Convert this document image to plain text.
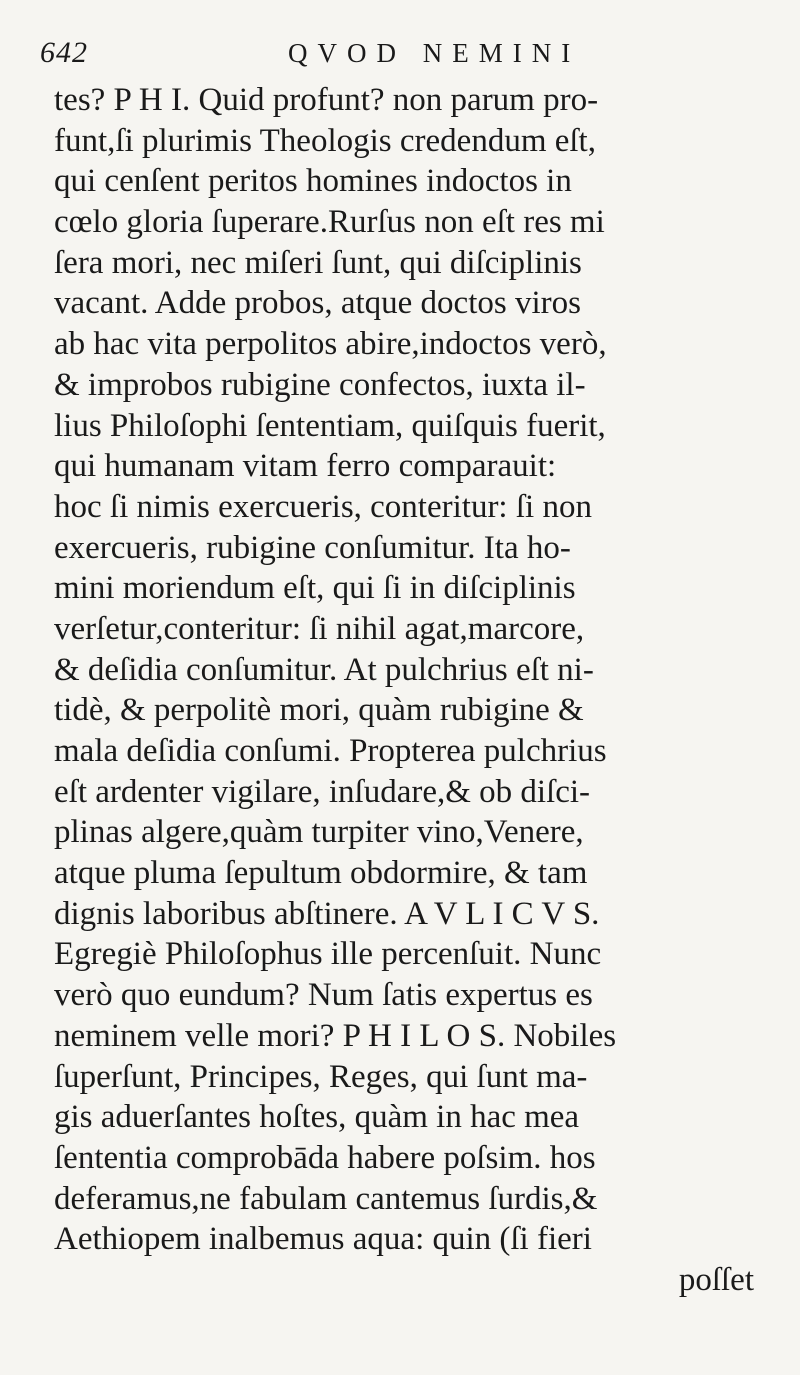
642	QVOD NEMINI
tes? P H I. Quid profunt? non parum pro-
funt,ſi plurimis Theologis credendum eſt,
qui cenſent peritos homines indoctos in
cœlo gloria ſuperare.Rurſus non eſt res mi
ſera mori, nec miſeri ſunt, qui diſciplinis
vacant. Adde probos, atque doctos viros
ab hac vita perpolitos abire,indoctos verò,
& improbos rubigine confectos, iuxta il-
lius Philoſophi ſententiam, quiſquis fuerit,
qui humanam vitam ferro comparauit:
hoc ſi nimis exercueris, conteritur: ſi non
exercueris, rubigine conſumitur. Ita ho-
mini moriendum eſt, qui ſi in diſciplinis
verſetur,conteritur: ſi nihil agat,marcore,
& deſidia conſumitur. At pulchrius eſt ni-
tidè, & perpolitè mori, quàm rubigine &
mala deſidia conſumi. Propterea pulchrius
eſt ardenter vigilare, inſudare,& ob diſci-
plinas algere,quàm turpiter vino,Venere,
atque pluma ſepultum obdormire, & tam
dignis laboribus abſtinere. A V L I C V S.
Egregiè Philoſophus ille percenſuit. Nunc
verò quo eundum? Num ſatis expertus es
neminem velle mori? P H I L O S. Nobiles
ſuperſunt, Principes, Reges, qui ſunt ma-
gis aduerſantes hoſtes, quàm in hac mea
ſententia comprobāda habere poſsim. hos
deferamus,ne fabulam cantemus ſurdis,&
Aethiopem inalbemus aqua: quin (ſi fieri
poſſet
